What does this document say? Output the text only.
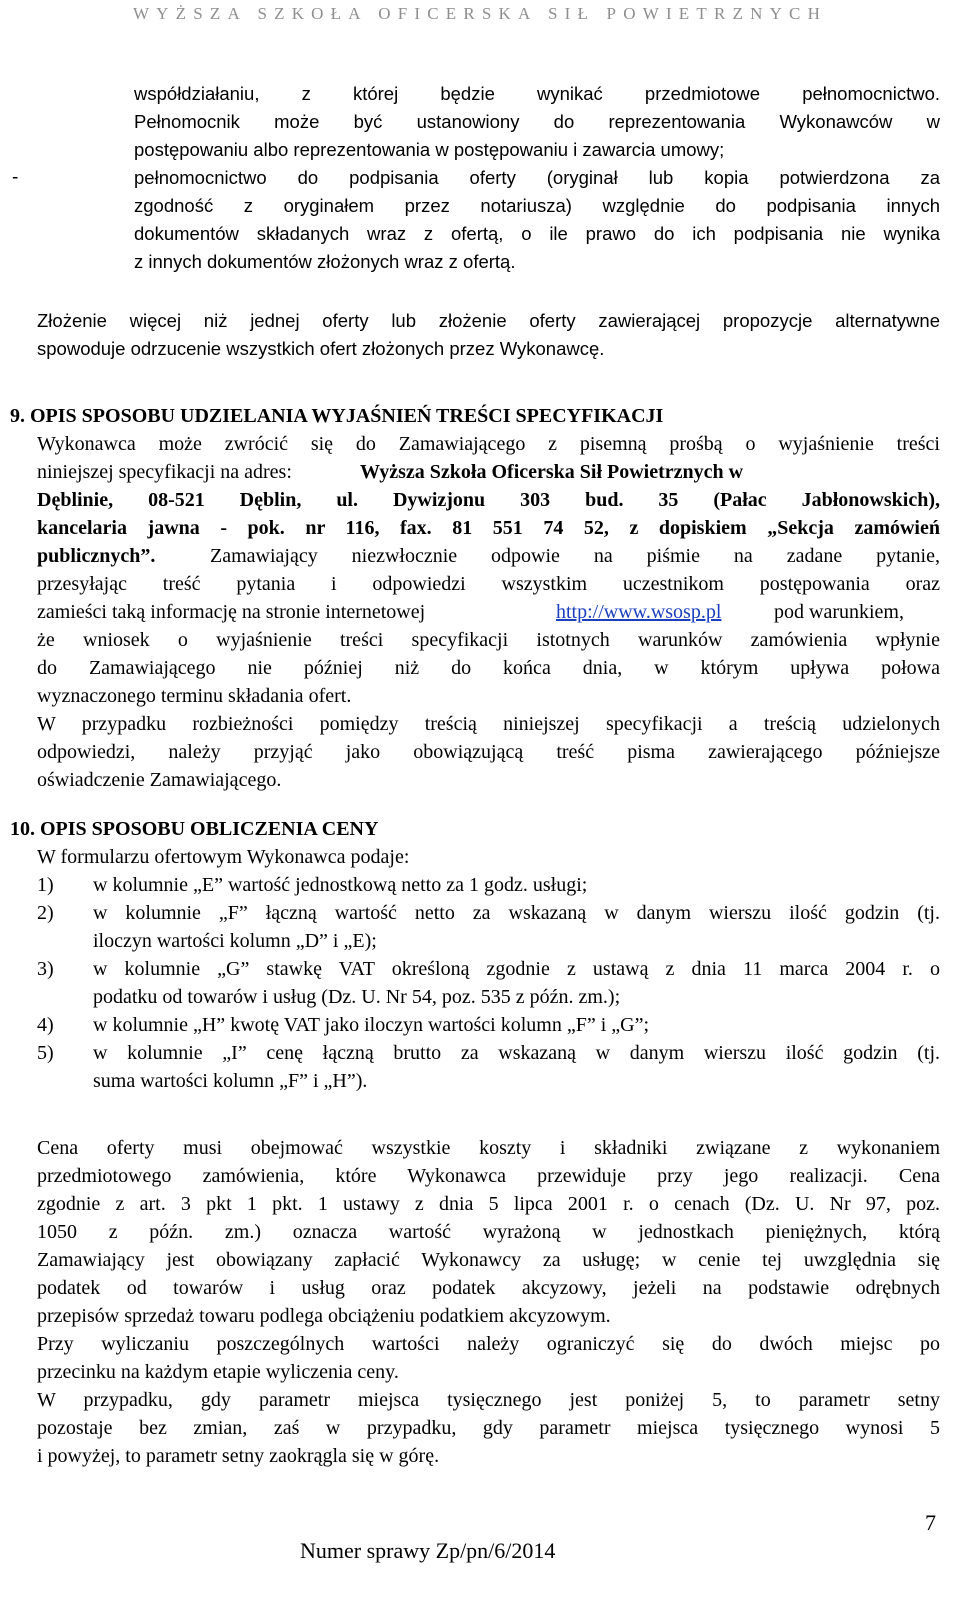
WYŻSZA SZKOŁA OFICERSKA SIŁ POWIETRZNYCH
współdziałaniu, z której będzie wynikać przedmiotowe pełnomocnictwo.
Pełnomocnik może być ustanowiony do reprezentowania Wykonawców w
postępowaniu albo reprezentowania w postępowaniu i zawarcia umowy;
-	pełnomocnictwo do podpisania oferty (oryginał lub kopia potwierdzona za
zgodność z oryginałem przez notariusza) względnie do podpisania innych
dokumentów składanych wraz z ofertą, o ile prawo do ich podpisania nie wynika
z innych dokumentów złożonych wraz z ofertą.
Złożenie więcej niż jednej oferty lub złożenie oferty zawierającej propozycje alternatywne
spowoduje odrzucenie wszystkich ofert złożonych przez Wykonawcę.
9. OPIS SPOSOBU UDZIELANIA WYJAŚNIEŃ TREŚCI SPECYFIKACJI
Wykonawca może zwrócić się do Zamawiającego z pisemną prośbą o wyjaśnienie treści
niniejszej specyfikacji na adres:	Wyższa Szkoła Oficerska Sił Powietrznych w
Dęblinie, 08-521 Dęblin, ul. Dywizjonu 303 bud. 35 (Pałac Jabłonowskich),
kancelaria jawna - pok. nr 116, fax. 81 551 74 52, z dopiskiem „Sekcja zamówień
publicznych”.	Zamawiający niezwłocznie odpowie na piśmie na zadane pytanie,
przesyłając treść pytania i odpowiedzi wszystkim uczestnikom postępowania oraz
zamieści taką informację na stronie internetowej	http://www.wsosp.pl	pod warunkiem,
że wniosek o wyjaśnienie treści specyfikacji istotnych warunków zamówienia wpłynie
do Zamawiającego nie później niż do końca dnia, w którym upływa połowa
wyznaczonego terminu składania ofert.
W przypadku rozbieżności pomiędzy treścią niniejszej specyfikacji a treścią udzielonych
odpowiedzi, należy przyjąć jako obowiązującą treść pisma zawierającego późniejsze
oświadczenie Zamawiającego.
10. OPIS SPOSOBU OBLICZENIA CENY
W formularzu ofertowym Wykonawca podaje:
1) w kolumnie „E” wartość jednostkową netto za 1 godz. usługi;
2) w kolumnie „F” łączną wartość netto za wskazaną w danym wierszu ilość godzin (tj.
iloczyn wartości kolumn „D” i „E);
3) w kolumnie „G” stawkę VAT określoną zgodnie z ustawą z dnia 11 marca 2004 r. o
podatku od towarów i usług (Dz. U. Nr 54, poz. 535 z późn. zm.);
4) w kolumnie „H” kwotę VAT jako iloczyn wartości kolumn „F” i „G”;
5) w kolumnie „I” cenę łączną brutto za wskazaną w danym wierszu ilość godzin (tj.
suma wartości kolumn „F” i „H”).
Cena oferty musi obejmować wszystkie koszty i składniki związane z wykonaniem
przedmiotowego zamówienia, które Wykonawca przewiduje przy jego realizacji. Cena
zgodnie z art. 3 pkt 1 pkt. 1 ustawy z dnia 5 lipca 2001 r. o cenach (Dz. U. Nr 97, poz.
1050 z późn. zm.) oznacza wartość wyrażoną w jednostkach pieniężnych, którą
Zamawiający jest obowiązany zapłacić Wykonawcy za usługę; w cenie tej uwzględnia się
podatek od towarów i usług oraz podatek akcyzowy, jeżeli na podstawie odrębnych
przepisów sprzedaż towaru podlega obciążeniu podatkiem akcyzowym.
Przy wyliczaniu poszczególnych wartości należy ograniczyć się do dwóch miejsc po
przecinku na każdym etapie wyliczenia ceny.
W przypadku, gdy parametr miejsca tysięcznego jest poniżej 5, to parametr setny
pozostaje bez zmian, zaś w przypadku, gdy parametr miejsca tysięcznego wynosi 5
i powyżej, to parametr setny zaokrągla się w górę.
7
Numer sprawy Zp/pn/6/2014
